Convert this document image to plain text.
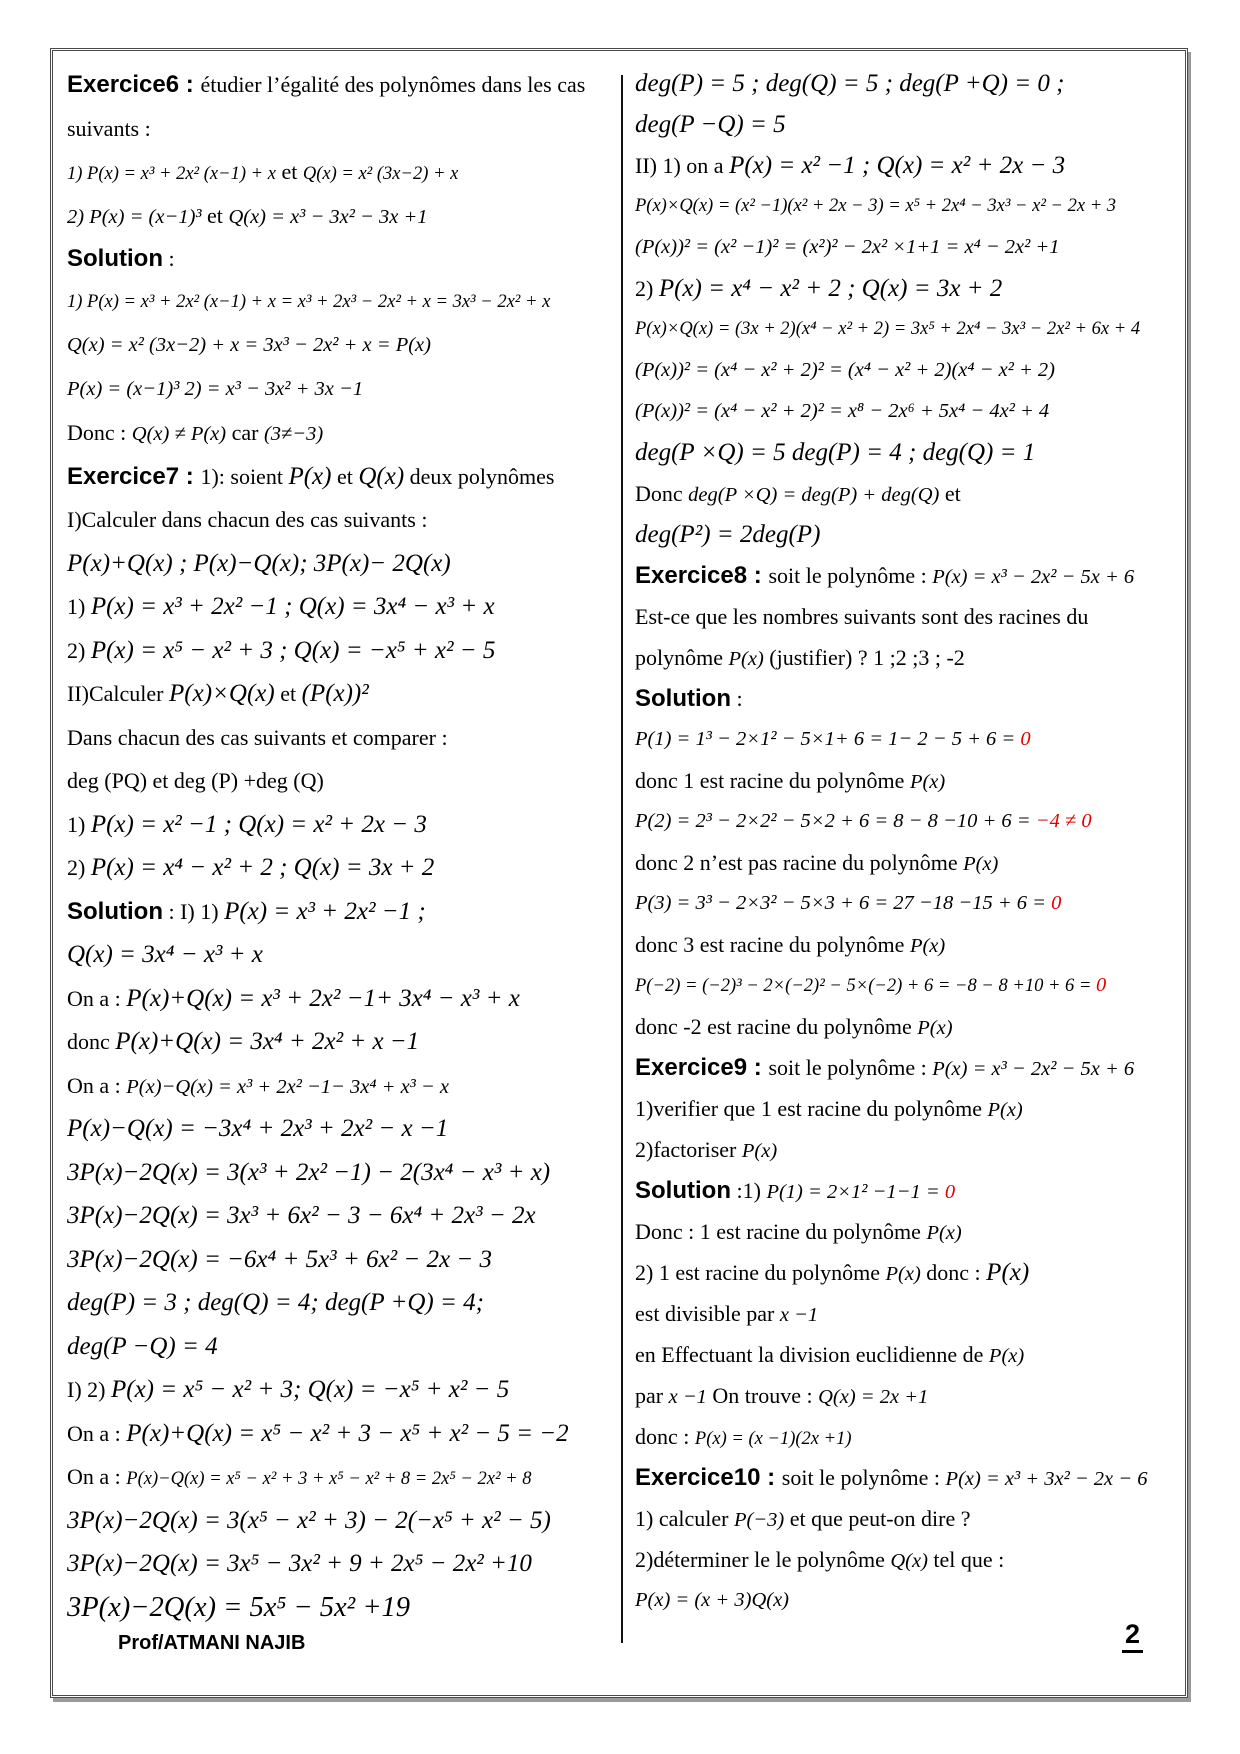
Exercice6 : étudier l’égalité des polynômes dans les cas
suivants :
1) P(x) = x³ + 2x² (x−1) + x et Q(x) = x² (3x−2) + x
2) P(x) = (x−1)³ et Q(x) = x³ − 3x² − 3x +1
Solution :
1) P(x) = x³ + 2x² (x−1) + x = x³ + 2x³ − 2x² + x = 3x³ − 2x² + x
Q(x) = x² (3x−2) + x = 3x³ − 2x² + x = P(x)
P(x) = (x−1)³ 2) = x³ − 3x² + 3x −1
Donc : Q(x) ≠ P(x) car (3≠−3)
Exercice7 : 1): soient P(x) et Q(x) deux polynômes
I)Calculer dans chacun des cas suivants :
P(x)+Q(x) ; P(x)−Q(x); 3P(x)− 2Q(x)
1) P(x) = x³ + 2x² −1 ; Q(x) = 3x⁴ − x³ + x
2) P(x) = x⁵ − x² + 3 ; Q(x) = −x⁵ + x² − 5
II)Calculer P(x)×Q(x) et (P(x))²
Dans chacun des cas suivants et comparer :
deg (PQ) et deg (P) +deg (Q)
1) P(x) = x² −1 ; Q(x) = x² + 2x − 3
2) P(x) = x⁴ − x² + 2 ; Q(x) = 3x + 2
Solution : I) 1) P(x) = x³ + 2x² −1 ;
Q(x) = 3x⁴ − x³ + x
On a : P(x)+Q(x) = x³ + 2x² −1+ 3x⁴ − x³ + x
donc P(x)+Q(x) = 3x⁴ + 2x² + x −1
On a : P(x)−Q(x) = x³ + 2x² −1− 3x⁴ + x³ − x
P(x)−Q(x) = −3x⁴ + 2x³ + 2x² − x −1
3P(x)−2Q(x) = 3(x³ + 2x² −1) − 2(3x⁴ − x³ + x)
3P(x)−2Q(x) = 3x³ + 6x² − 3 − 6x⁴ + 2x³ − 2x
3P(x)−2Q(x) = −6x⁴ + 5x³ + 6x² − 2x − 3
deg(P) = 3 ; deg(Q) = 4; deg(P +Q) = 4;
deg(P −Q) = 4
I) 2) P(x) = x⁵ − x² + 3; Q(x) = −x⁵ + x² − 5
On a : P(x)+Q(x) = x⁵ − x² + 3 − x⁵ + x² − 5 = −2
On a : P(x)−Q(x) = x⁵ − x² + 3 + x⁵ − x² + 8 = 2x⁵ − 2x² + 8
3P(x)−2Q(x) = 3(x⁵ − x² + 3) − 2(−x⁵ + x² − 5)
3P(x)−2Q(x) = 3x⁵ − 3x² + 9 + 2x⁵ − 2x² +10
3P(x)−2Q(x) = 5x⁵ − 5x² +19
deg(P) = 5 ; deg(Q) = 5 ; deg(P +Q) = 0 ;
deg(P −Q) = 5
II) 1) on a P(x) = x² −1 ; Q(x) = x² + 2x − 3
P(x)×Q(x) = (x² −1)(x² + 2x − 3) = x⁵ + 2x⁴ − 3x³ − x² − 2x + 3
(P(x))² = (x² −1)² = (x²)² − 2x² ×1+1 = x⁴ − 2x² +1
2) P(x) = x⁴ − x² + 2 ; Q(x) = 3x + 2
P(x)×Q(x) = (3x + 2)(x⁴ − x² + 2) = 3x⁵ + 2x⁴ − 3x³ − 2x² + 6x + 4
(P(x))² = (x⁴ − x² + 2)² = (x⁴ − x² + 2)(x⁴ − x² + 2)
(P(x))² = (x⁴ − x² + 2)² = x⁸ − 2x⁶ + 5x⁴ − 4x² + 4
deg(P ×Q) = 5 deg(P) = 4 ; deg(Q) = 1
Donc deg(P ×Q) = deg(P) + deg(Q) et
deg(P²) = 2deg(P)
Exercice8 : soit le polynôme : P(x) = x³ − 2x² − 5x + 6
Est-ce que les nombres suivants sont des racines du
polynôme P(x) (justifier) ? 1 ;2 ;3 ; -2
Solution :
P(1) = 1³ − 2×1² − 5×1+ 6 = 1− 2 − 5 + 6 = 0
donc 1 est racine du polynôme P(x)
P(2) = 2³ − 2×2² − 5×2 + 6 = 8 − 8 −10 + 6 = −4 ≠ 0
donc 2 n’est pas racine du polynôme P(x)
P(3) = 3³ − 2×3² − 5×3 + 6 = 27 −18 −15 + 6 = 0
donc 3 est racine du polynôme P(x)
P(−2) = (−2)³ − 2×(−2)² − 5×(−2) + 6 = −8 − 8 +10 + 6 = 0
donc -2 est racine du polynôme P(x)
Exercice9 : soit le polynôme : P(x) = x³ − 2x² − 5x + 6
1)verifier que 1 est racine du polynôme P(x)
2)factoriser P(x)
Solution :1) P(1) = 2×1² −1−1 = 0
Donc : 1 est racine du polynôme P(x)
2) 1 est racine du polynôme P(x) donc : P(x)
est divisible par x −1
en Effectuant la division euclidienne de P(x)
par x −1 On trouve : Q(x) = 2x +1
donc : P(x) = (x −1)(2x +1)
Exercice10 : soit le polynôme : P(x) = x³ + 3x² − 2x − 6
1) calculer P(−3) et que peut-on dire ?
2)déterminer le le polynôme Q(x) tel que :
P(x) = (x + 3)Q(x)
Prof/ATMANI NAJIB	2
